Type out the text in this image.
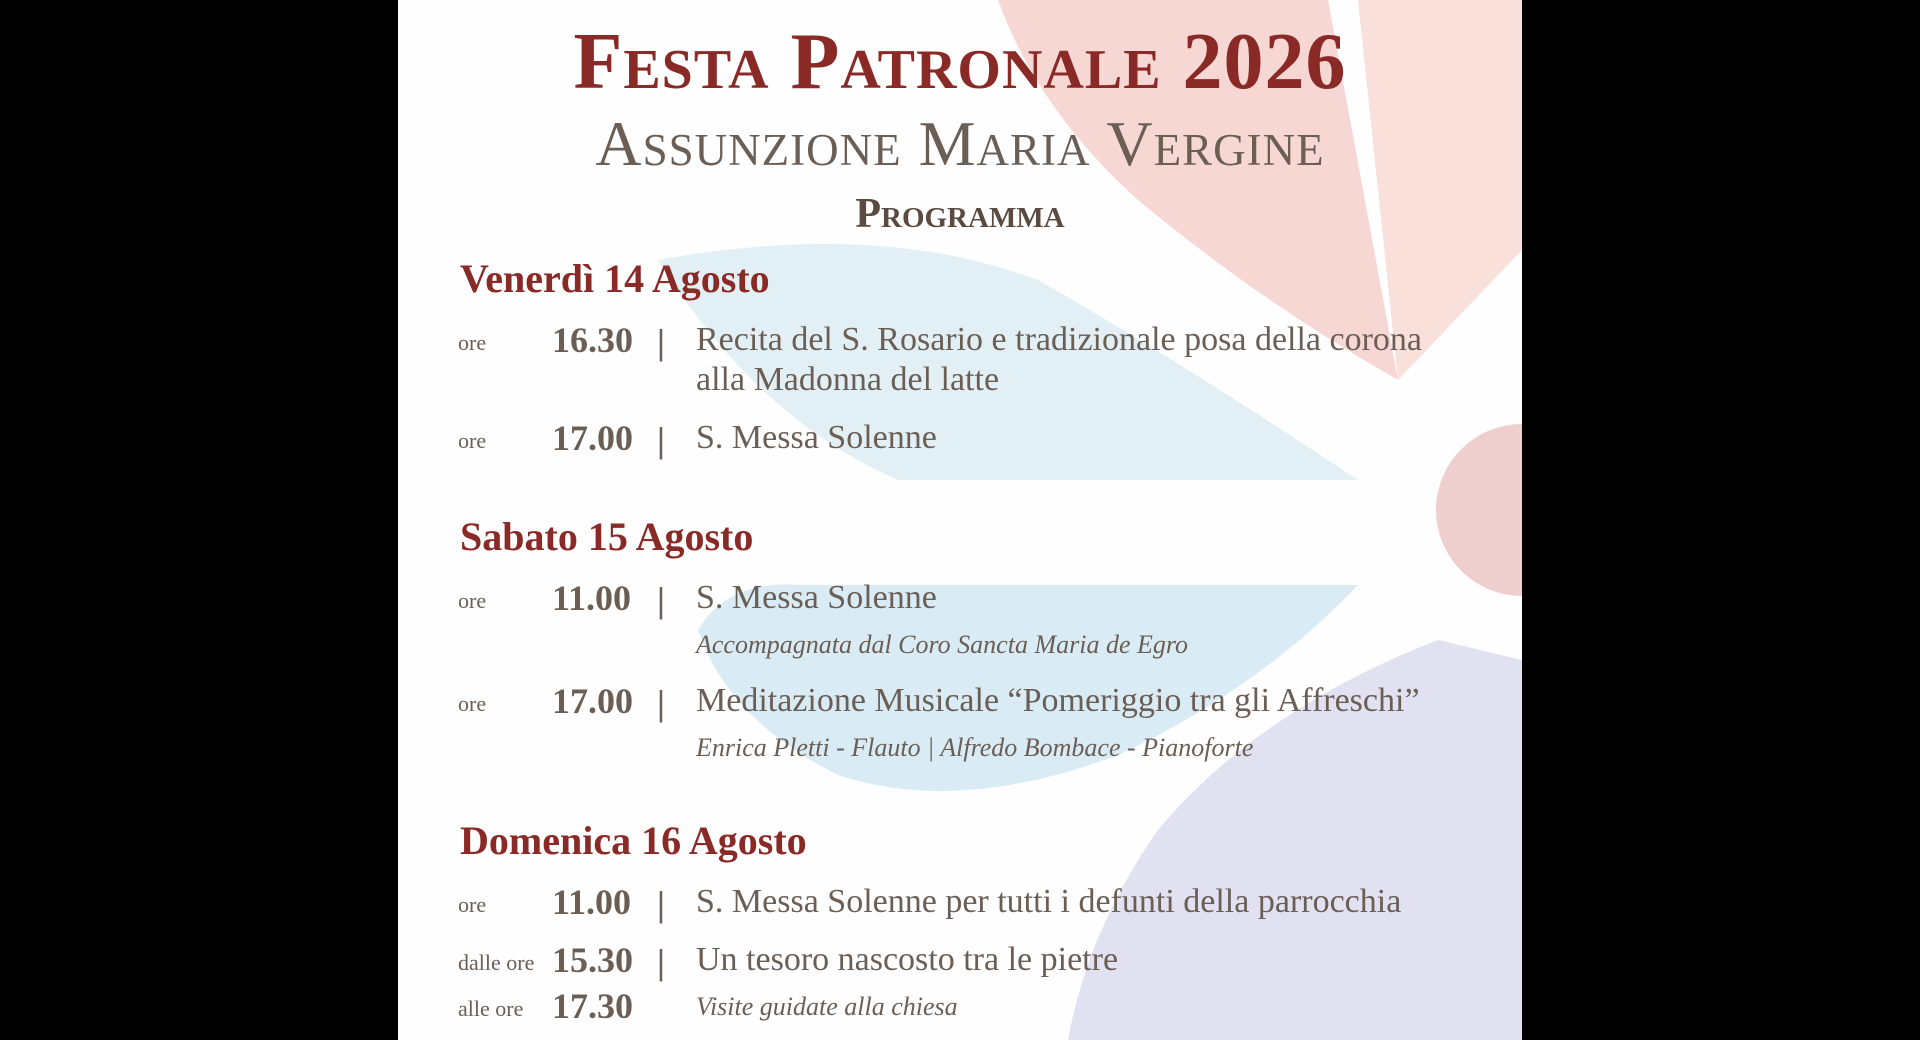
Festa Patronale 2026
Assunzione Maria Vergine
Programma
Venerdì 14 Agosto
ore 16.30 | Recita del S. Rosario e tradizionale posa della corona alla Madonna del latte
ore 17.00 | S. Messa Solenne
Sabato 15 Agosto
ore 11.00 | S. Messa Solenne
Accompagnata dal Coro Sancta Maria de Egro
ore 17.00 | Meditazione Musicale “Pomeriggio tra gli Affreschi”
Enrica Pletti - Flauto | Alfredo Bombace - Pianoforte
Domenica 16 Agosto
ore 11.00 | S. Messa Solenne per tutti i defunti della parrocchia
dalle ore 15.30 | Un tesoro nascosto tra le pietre
alle ore 17.30 Visite guidate alla chiesa
